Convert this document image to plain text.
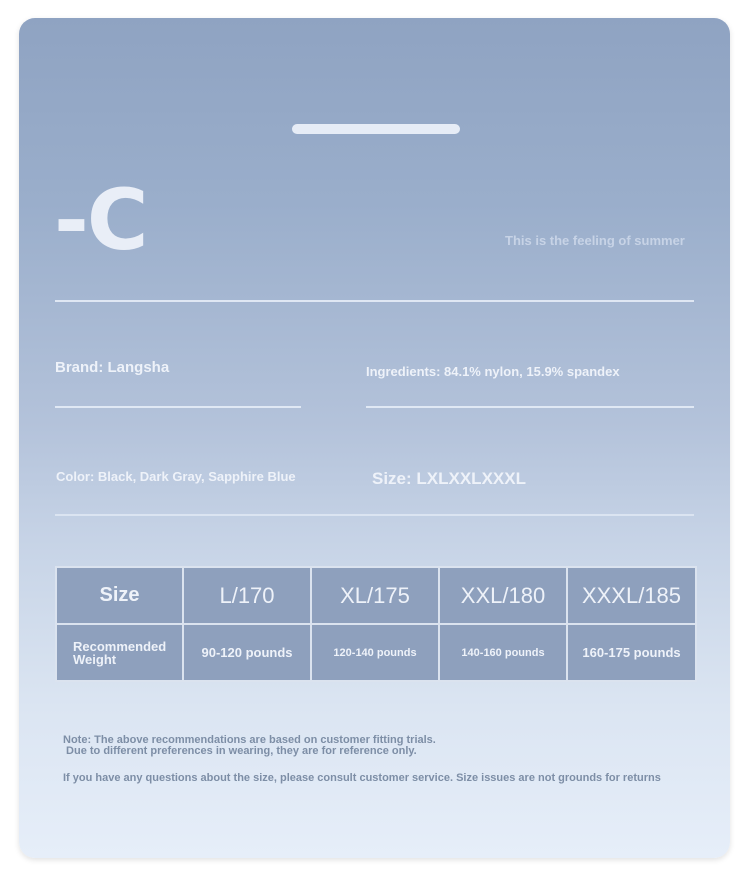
-C	This is the feeling of summer
Brand: Langsha	Ingredients: 84.1% nylon, 15.9% spandex
Color: Black, Dark Gray, Sapphire Blue	Size: LXLXXLXXXL
Size	L/170	XL/175	XXL/180	XXXL/185
Recommended
Weight	90-120 pounds	120-140 pounds	140-160 pounds	160-175 pounds
Note: The above recommendations are based on customer fitting trials.
Due to different preferences in wearing, they are for reference only.
If you have any questions about the size, please consult customer service. Size issues are not grounds for returns
